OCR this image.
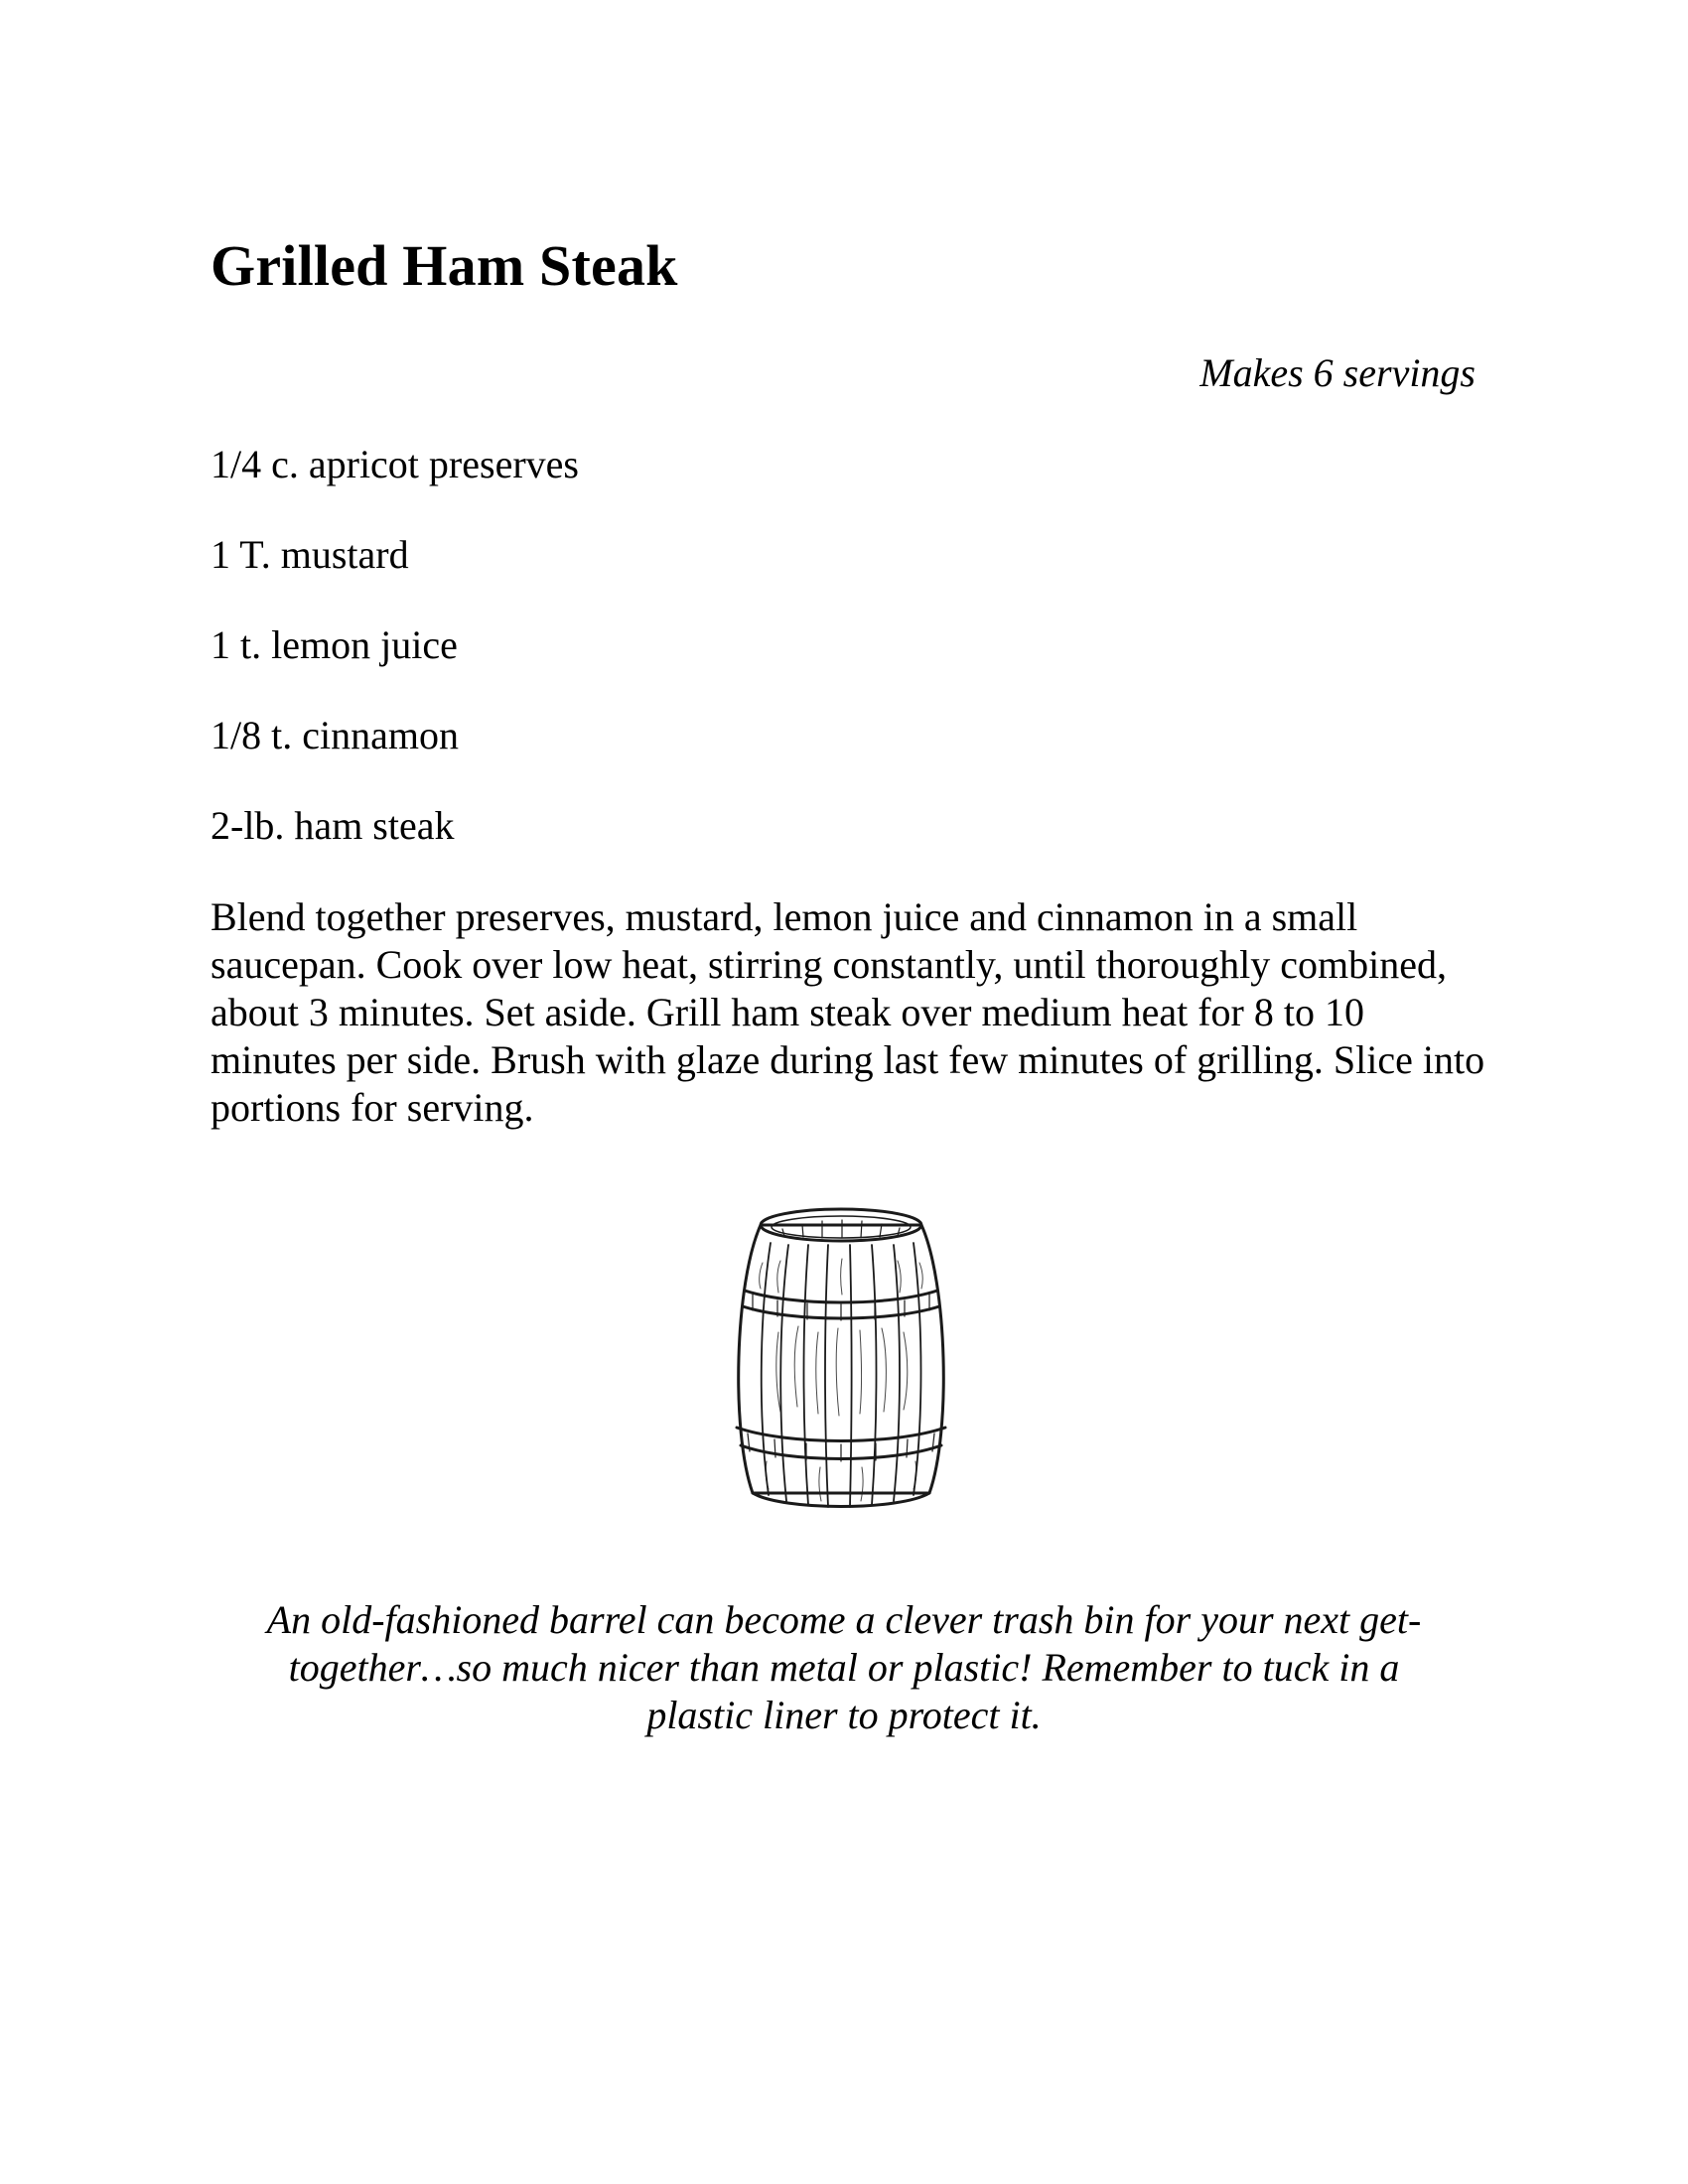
Grilled Ham Steak
Makes 6 servings
1/4 c. apricot preserves
1 T. mustard
1 t. lemon juice
1/8 t. cinnamon
2-lb. ham steak

Blend together preserves, mustard, lemon juice and cinnamon in a small saucepan. Cook over low heat, stirring constantly, until thoroughly combined, about 3 minutes. Set aside. Grill ham steak over medium heat for 8 to 10 minutes per side. Brush with glaze during last few minutes of grilling. Slice into portions for serving.

An old-fashioned barrel can become a clever trash bin for your next get-together…so much nicer than metal or plastic! Remember to tuck in a plastic liner to protect it.
